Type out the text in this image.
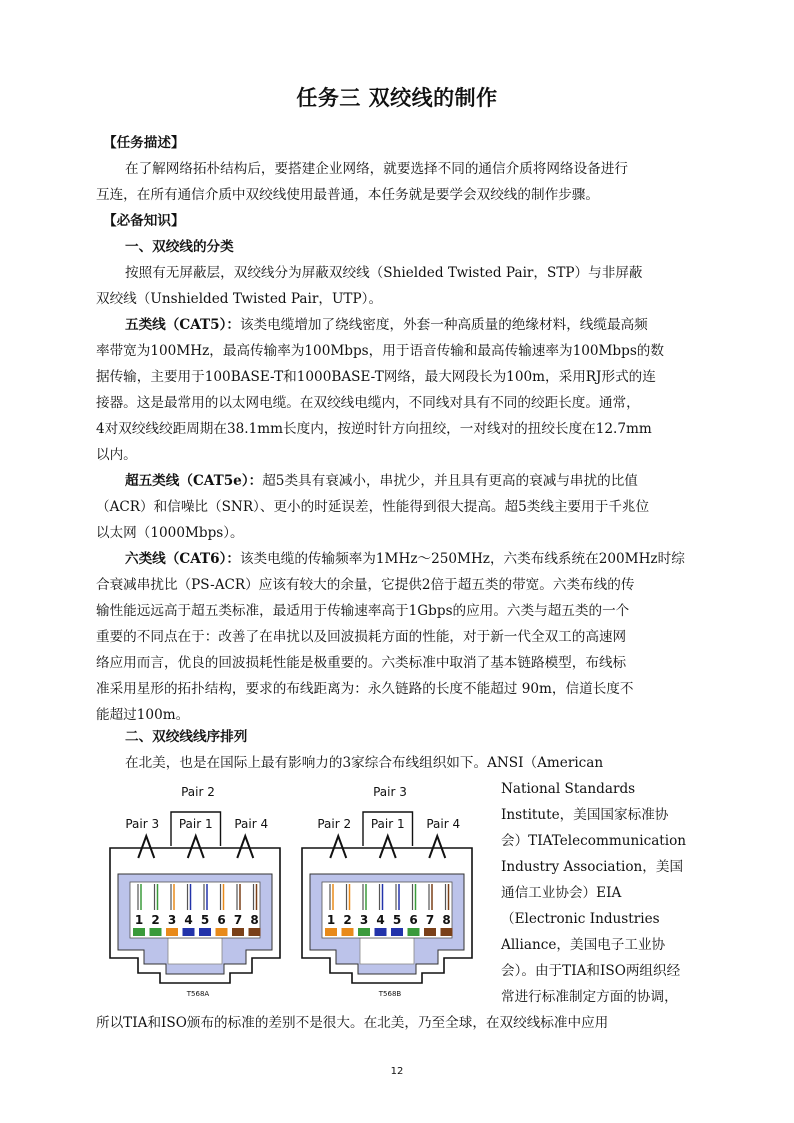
任务三 双绞线的制作
【任务描述】
在了解网络拓朴结构后，要搭建企业网络，就要选择不同的通信介质将网络设备进行
互连，在所有通信介质中双绞线使用最普通，本任务就是要学会双绞线的制作步骤。
【必备知识】
一、双绞线的分类
按照有无屏蔽层，双绞线分为屏蔽双绞线（Shielded Twisted Pair，STP）与非屏蔽
双绞线（Unshielded Twisted Pair，UTP）。
五类线（CAT5）：该类电缆增加了绕线密度，外套一种高质量的绝缘材料，线缆最高频
率带宽为100MHz，最高传输率为100Mbps，用于语音传输和最高传输速率为100Mbps的数
据传输，主要用于100BASE-T和1000BASE-T网络，最大网段长为100m，采用RJ形式的连
接器。这是最常用的以太网电缆。在双绞线电缆内，不同线对具有不同的绞距长度。通常，
4对双绞线绞距周期在38.1mm长度内，按逆时针方向扭绞，一对线对的扭绞长度在12.7mm
以内。
超五类线（CAT5e）：超5类具有衰减小，串扰少，并且具有更高的衰减与串扰的比值
（ACR）和信噪比（SNR）、更小的时延误差，性能得到很大提高。超5类线主要用于千兆位
以太网（1000Mbps）。
六类线（CAT6）：该类电缆的传输频率为1MHz～250MHz，六类布线系统在200MHz时综
合衰减串扰比（PS-ACR）应该有较大的余量，它提供2倍于超五类的带宽。六类布线的传
输性能远远高于超五类标准，最适用于传输速率高于1Gbps的应用。六类与超五类的一个
重要的不同点在于：改善了在串扰以及回波损耗方面的性能，对于新一代全双工的高速网
络应用而言，优良的回波损耗性能是极重要的。六类标准中取消了基本链路模型，布线标
准采用星形的拓扑结构，要求的布线距离为：永久链路的长度不能超过 90m，信道长度不
能超过100m。
二、双绞线线序排列
在北美，也是在国际上最有影响力的3家综合布线组织如下。ANSI（American
National Standards
Institute，美国国家标准协
会）TIATelecommunication
Industry Association，美国
通信工业协会）EIA
（Electronic Industries
Alliance，美国电子工业协
会）。由于TIA和ISO两组织经
常进行标准制定方面的协调，
所以TIA和ISO颁布的标准的差别不是很大。在北美，乃至全球，在双绞线标准中应用
Pair 2
Pair 3 Pair 1 Pair 4
1 2 3 4 5 6 7 8
T568A
Pair 3
Pair 2 Pair 1 Pair 4
1 2 3 4 5 6 7 8
T568B
12
